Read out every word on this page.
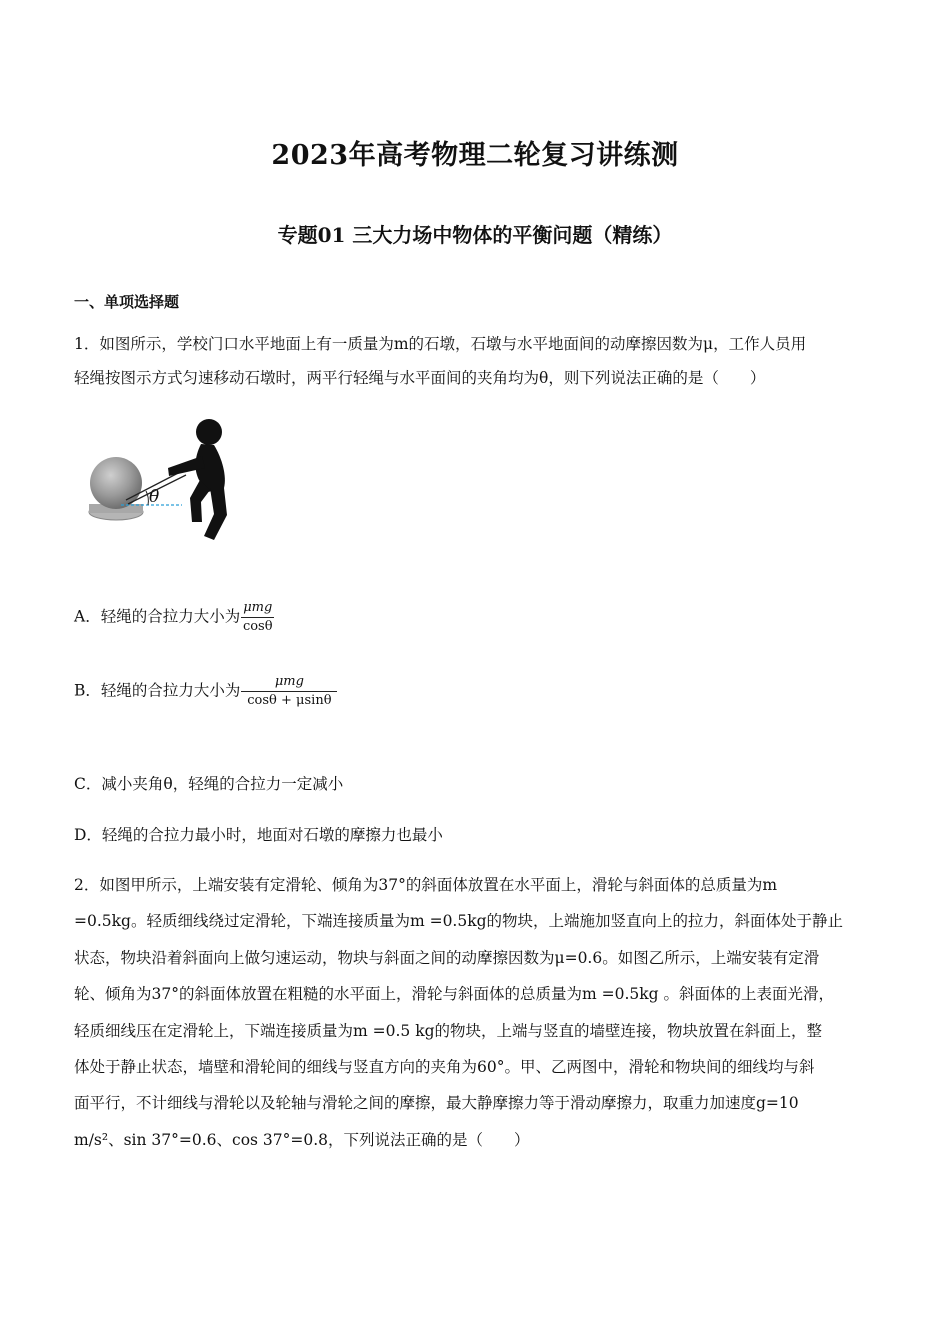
2023年高考物理二轮复习讲练测
专题01 三大力场中物体的平衡问题（精练）
一、单项选择题
1．如图所示，学校门口水平地面上有一质量为m的石墩，石墩与水平地面间的动摩擦因数为μ，工作人员用
轻绳按图示方式匀速移动石墩时，两平行轻绳与水平面间的夹角均为θ，则下列说法正确的是（　　）
θ
A．轻绳的合拉力大小为 $\frac{\text{μmg}}{\cos\theta}$
B．轻绳的合拉力大小为 $\frac{\text{μmg}}{\cos\theta + \mu\sin\theta}$
C．减小夹角θ，轻绳的合拉力一定减小
D．轻绳的合拉力最小时，地面对石墩的摩擦力也最小
2．如图甲所示，上端安装有定滑轮、倾角为37°的斜面体放置在水平面上，滑轮与斜面体的总质量为m
=0.5kg。轻质细线绕过定滑轮，下端连接质量为m =0.5kg的物块，上端施加竖直向上的拉力，斜面体处于静止
状态，物块沿着斜面向上做匀速运动，物块与斜面之间的动摩擦因数为μ=0.6。如图乙所示，上端安装有定滑
轮、倾角为37°的斜面体放置在粗糙的水平面上，滑轮与斜面体的总质量为m =0.5kg 。斜面体的上表面光滑，
轻质细线压在定滑轮上，下端连接质量为m =0.5 kg的物块，上端与竖直的墙壁连接，物块放置在斜面上，整
体处于静止状态，墙壁和滑轮间的细线与竖直方向的夹角为60°。甲、乙两图中，滑轮和物块间的细线均与斜
面平行，不计细线与滑轮以及轮轴与滑轮之间的摩擦，最大静摩擦力等于滑动摩擦力，取重力加速度g=10
m/s²、sin 37°=0.6、cos 37°=0.8，下列说法正确的是（　　）
